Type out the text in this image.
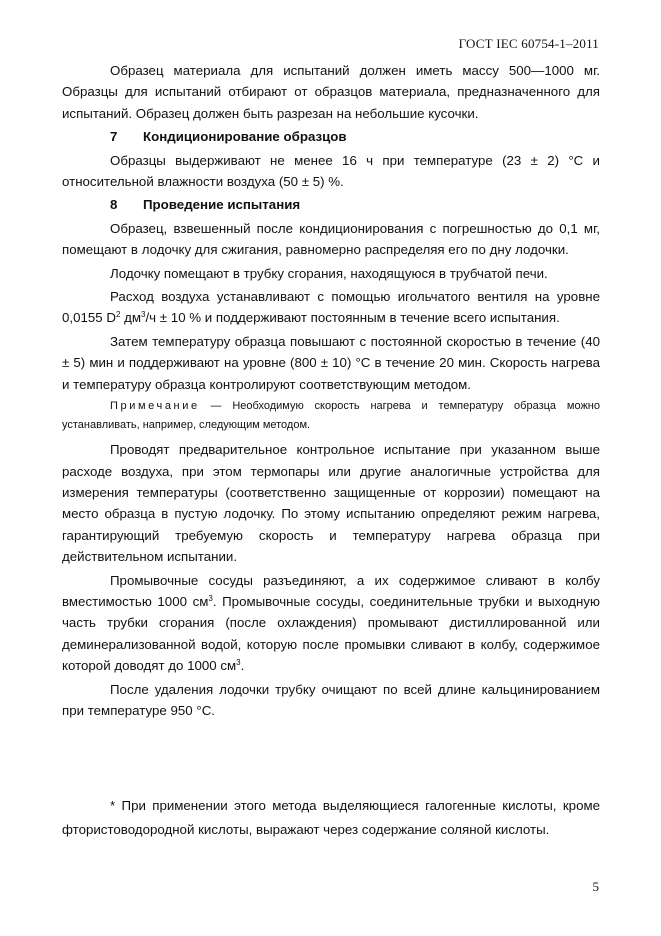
ГОСТ IEC 60754-1–2011

Образец материала для испытаний должен иметь массу 500—1000 мг. Образцы для испытаний отбирают от образцов материала, предназначенного для испытаний. Образец должен быть разрезан на небольшие кусочки.

7 Кондиционирование образцов

Образцы выдерживают не менее 16 ч при температуре (23 ± 2) °С и относительной влажности воздуха (50 ± 5) %.

8 Проведение испытания

Образец, взвешенный после кондиционирования с погрешностью до 0,1 мг, помещают в лодочку для сжигания, равномерно распределяя его по дну лодочки.

Лодочку помещают в трубку сгорания, находящуюся в трубчатой печи.

Расход воздуха устанавливают с помощью игольчатого вентиля на уровне 0,0155 $D^2$ $дм^3/ч \pm 10$ % и поддерживают постоянным в течение всего испытания.

Затем температуру образца повышают с постоянной скоростью в течение (40 ± 5) мин и поддерживают на уровне (800 ± 10) °С в течение 20 мин. Скорость нагрева и температуру образца контролируют соответствующим методом.

Примечание — Необходимую скорость нагрева и температуру образца можно устанавливать, например, следующим методом.

Проводят предварительное контрольное испытание при указанном выше расходе воздуха, при этом термопары или другие аналогичные устройства для измерения температуры (соответственно защищенные от коррозии) помещают на место образца в пустую лодочку. По этому испытанию определяют режим нагрева, гарантирующий требуемую скорость и температуру нагрева образца при действительном испытании.

Промывочные сосуды разъединяют, а их содержимое сливают в колбу вместимостью 1000 $см^3$. Промывочные сосуды, соединительные трубки и выходную часть трубки сгорания (после охлаждения) промывают дистиллированной или деминерализованной водой, которую после промывки сливают в колбу, содержимое которой доводят до 1000 $см^3$.

После удаления лодочки трубку очищают по всей длине кальцинированием при температуре 950 °С.

* При применении этого метода выделяющиеся галогенные кислоты, кроме фтористоводородной кислоты, выражают через содержание соляной кислоты.

5
